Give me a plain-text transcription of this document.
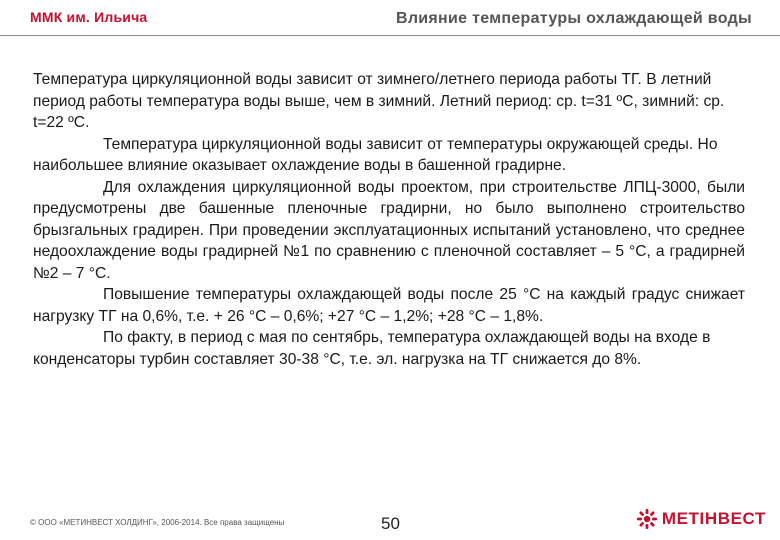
ММК им. Ильича	Влияние температуры охлаждающей воды

Температура циркуляционной воды зависит от зимнего/летнего периода работы ТГ. В летний период работы температура воды выше, чем в зимний. Летний период: ср. t=31 ºС, зимний: ср. t=22 ºС.

Температура циркуляционной воды зависит от температуры окружающей среды. Но наибольшее влияние оказывает охлаждение воды в башенной градирне.

Для охлаждения циркуляционной воды проектом, при строительстве ЛПЦ-3000, были предусмотрены две башенные пленочные градирни, но было выполнено строительство брызгальных градирен. При проведении эксплуатационных испытаний установлено, что среднее недоохлаждение воды градирней №1 по сравнению с пленочной составляет – 5 °С, а градирней №2 – 7 °С.

Повышение температуры охлаждающей воды после 25 °С на каждый градус снижает нагрузку ТГ на 0,6%, т.е. + 26 °С – 0,6%; +27 °С – 1,2%; +28 °С – 1,8%.

По факту, в период с мая по сентябрь, температура охлаждающей воды на входе в конденсаторы турбин составляет 30-38 °С, т.е. эл. нагрузка на ТГ снижается до 8%.

© ООО «МЕТИНВЕСТ ХОЛДИНГ», 2006-2014. Все права защищены	50	МЕТІНВЕСТ
